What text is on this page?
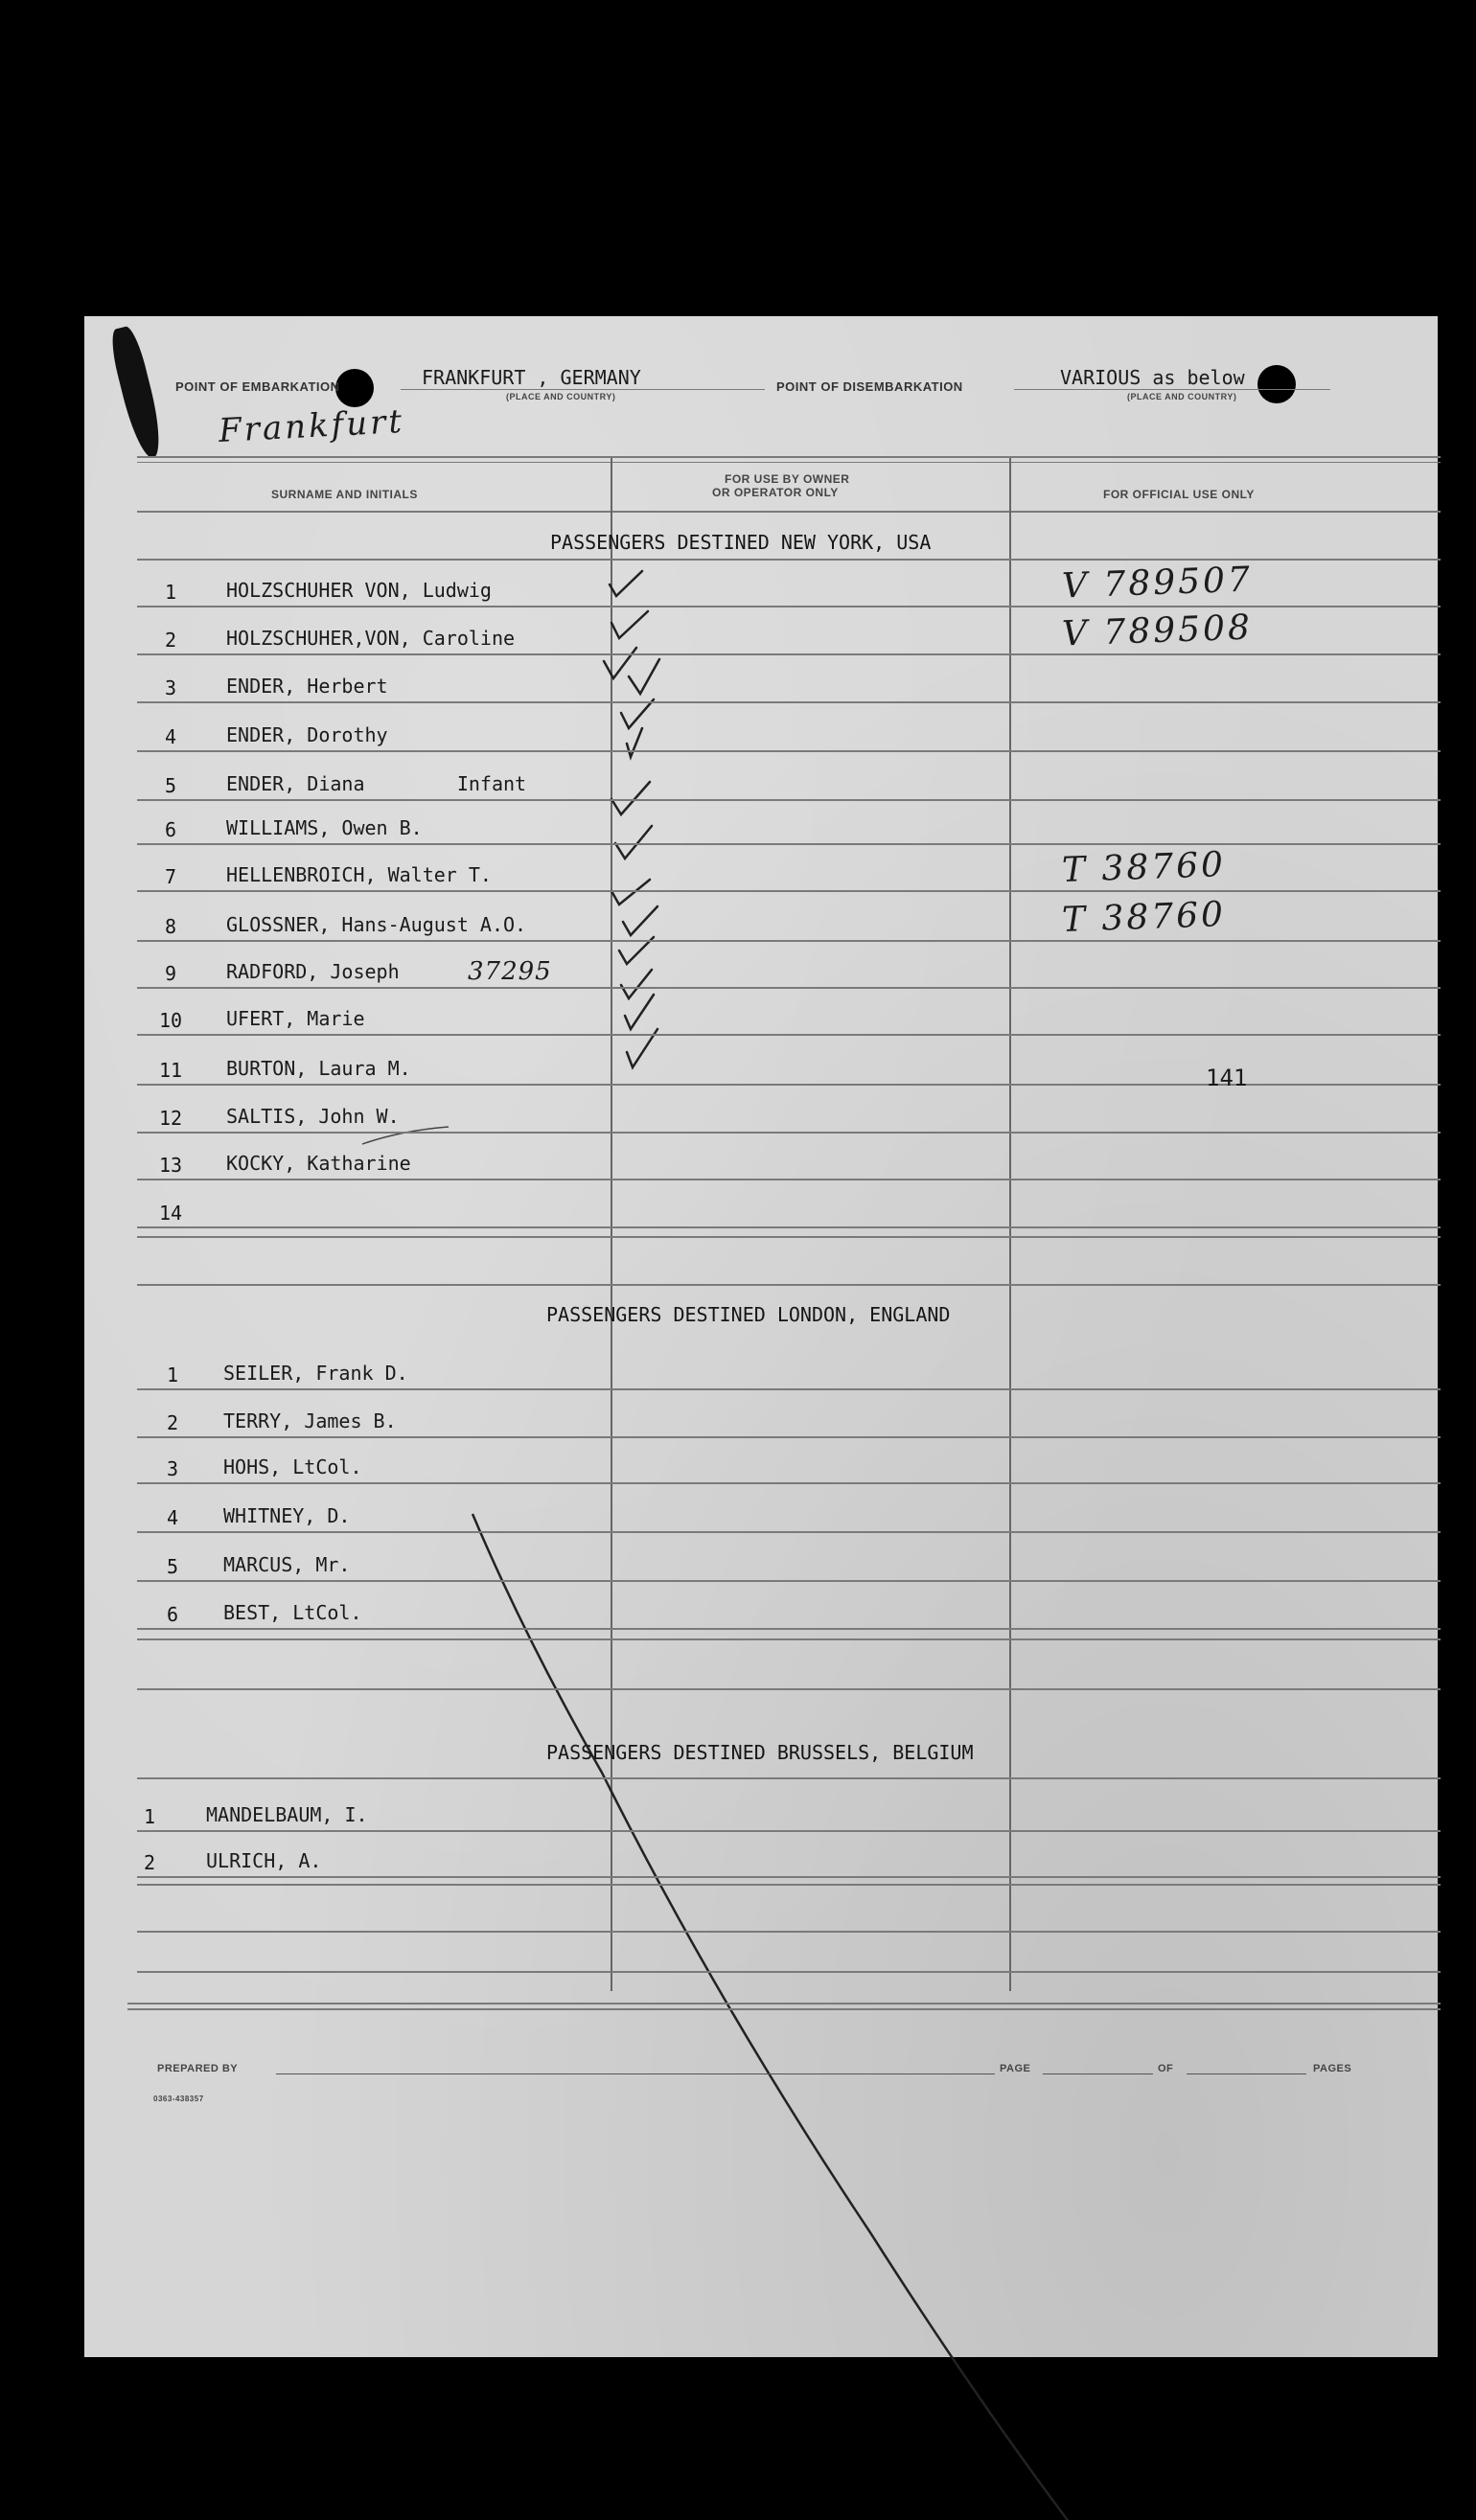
POINT OF EMBARKATION	FRANKFURT , GERMANY
(PLACE AND COUNTRY)
POINT OF DISEMBARKATION	VARIOUS as below
(PLACE AND COUNTRY)
Frankfurt
SURNAME AND INITIALS
FOR USE BY OWNER
OR OPERATOR ONLY	FOR OFFICIAL USE ONLY
PASSENGERS DESTINED NEW YORK, USA
PASSENGERS DESTINED LONDON, ENGLAND
PASSENGERS DESTINED BRUSSELS, BELGIUM
37295
PREPARED BY	PAGE	OF	PAGES
0363-438357
1	HOLZSCHUHER VON, Ludwig	V 789507
2	HOLZSCHUHER,VON, Caroline	V 789508
3	ENDER, Herbert
4	ENDER, Dorothy
5	ENDER, Diana        Infant
6	WILLIAMS, Owen B.
7	HELLENBROICH, Walter T.	T 38760
8	GLOSSNER, Hans-August A.O.	T 38760
9	RADFORD, Joseph
10	UFERT, Marie
11	BURTON, Laura M.	141
12	SALTIS, John W.
13	KOCKY, Katharine
14
1	SEILER, Frank D.
2	TERRY, James B.
3	HOHS, LtCol.
4	WHITNEY, D.
5	MARCUS, Mr.
6	BEST, LtCol.
1	MANDELBAUM, I.
2	ULRICH, A.
